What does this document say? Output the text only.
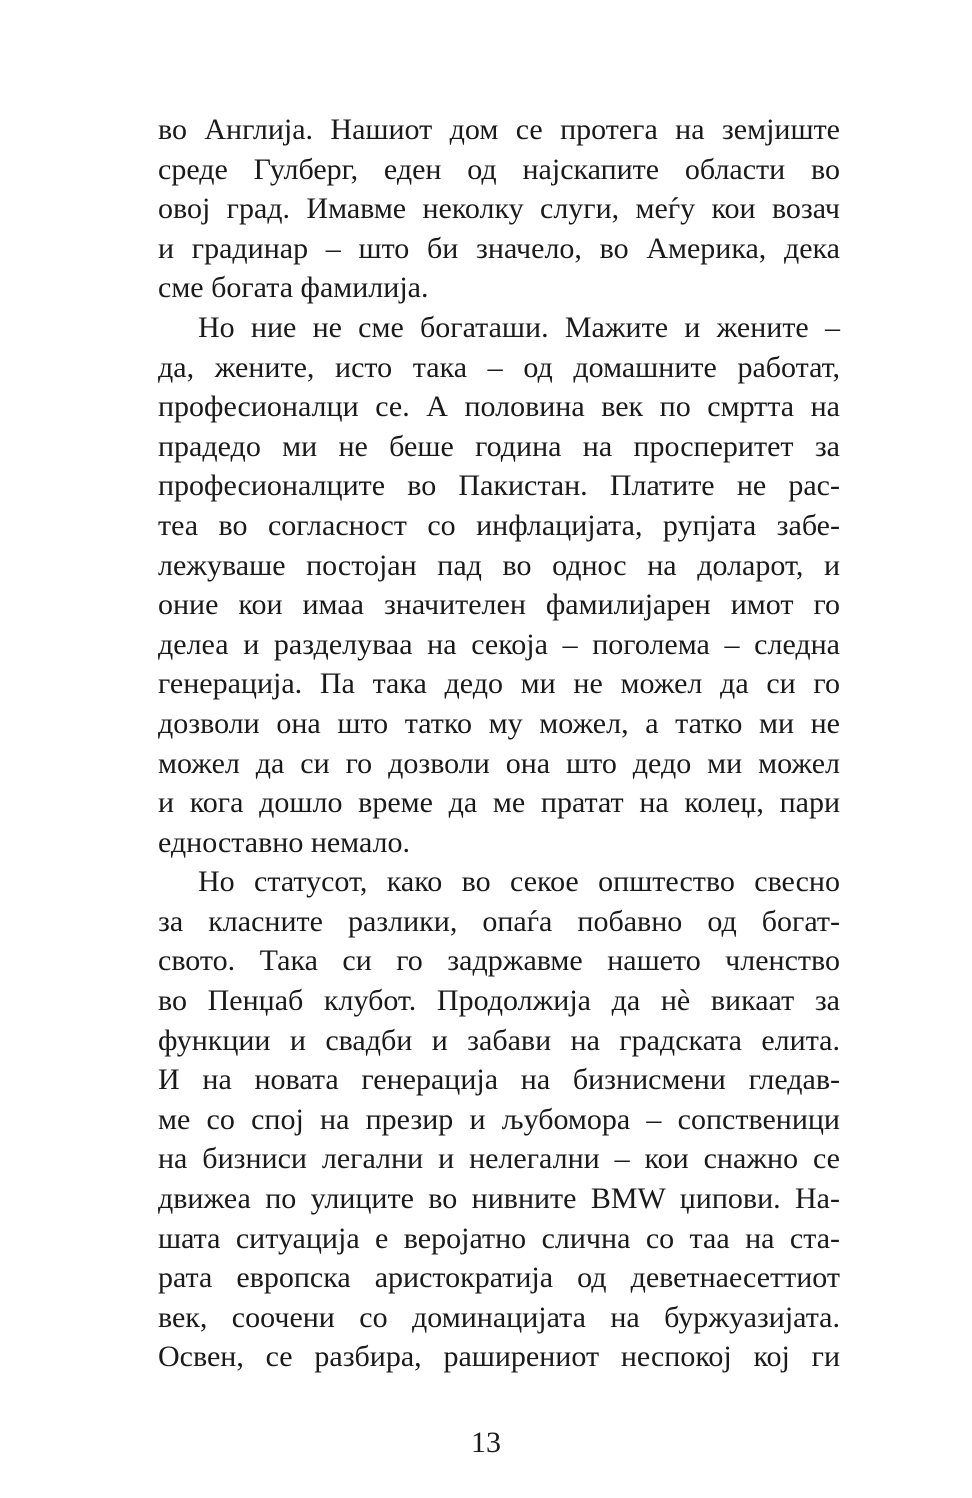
во Англија. Нашиот дом се протега на земјиште
среде Гулберг, еден од најскапите области во
овој град. Имавме неколку слуги, меѓу кои возач
и градинар – што би значело, во Америка, дека
сме богата фамилија.
Но ние не сме богаташи. Мажите и жените –
да, жените, исто така – од домашните работат,
професионалци се. А половина век по смртта на
прадедо ми не беше година на просперитет за
професионалците во Пакистан. Платите не рас-
теа во согласност со инфлацијата, рупјата забе-
лежуваше постојан пад во однос на доларот, и
оние кои имаа значителен фамилијарен имот го
делеа и разделуваа на секоја – поголема – следна
генерација. Па така дедо ми не можел да си го
дозволи она што татко му можел, а татко ми не
можел да си го дозволи она што дедо ми можел
и кога дошло време да ме пратат на колеџ, пари
едноставно немало.
Но статусот, како во секое општество свесно
за класните разлики, опаѓа побавно од богат-
свото. Така си го задржавме нашето членство
во Пенџаб клубот. Продолжија да нè викаат за
функции и свадби и забави на градската елита.
И на новата генерација на бизнисмени гледав-
ме со спој на презир и љубомора – сопственици
на бизниси легални и нелегални – кои снажно се
движеа по улиците во нивните BMW џипови. На-
шата ситуација е веројатно слична со таа на ста-
рата европска аристократија од деветнаесеттиот
век, соочени со доминацијата на буржуазијата.
Освен, се разбира, раширениот неспокој кој ги
13
